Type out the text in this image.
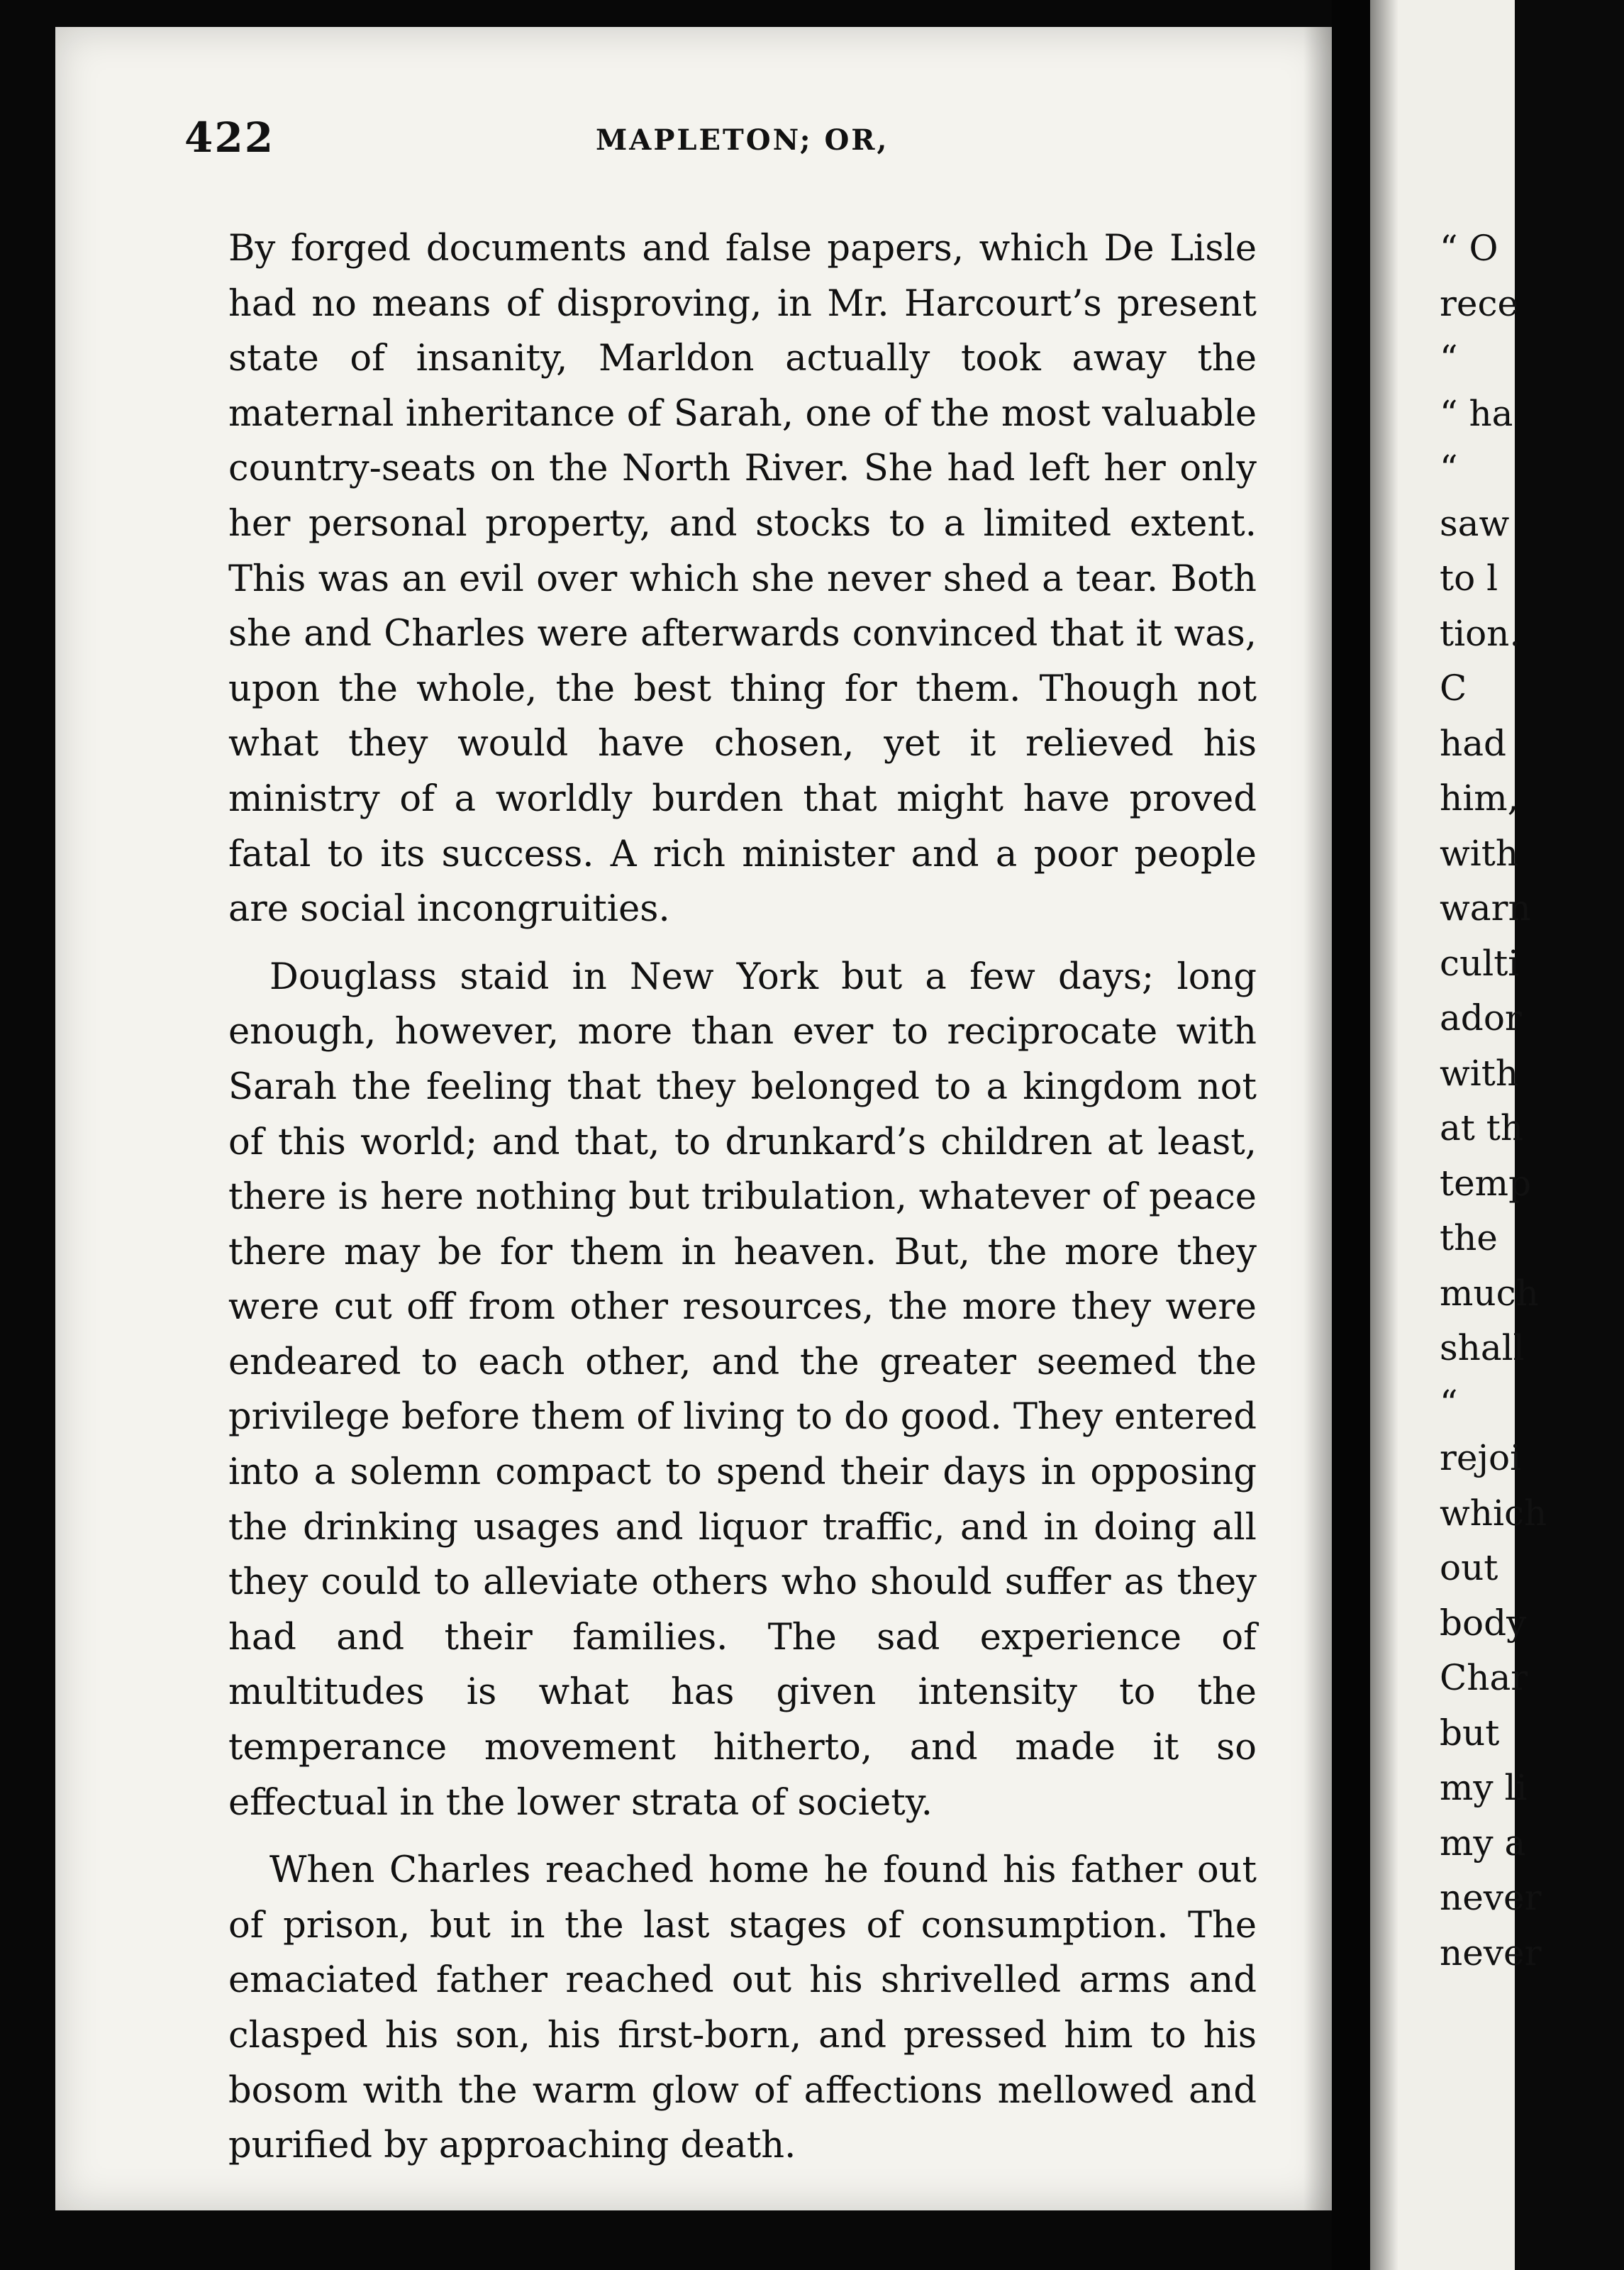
422	MAPLETON; OR,

By forged documents and false papers, which De Lisle had no means of disproving, in Mr. Harcourt’s present state of insanity, Marldon actually took away the maternal inheritance of Sarah, one of the most valuable country-seats on the North River. She had left her only her personal property, and stocks to a limited extent. This was an evil over which she never shed a tear. Both she and Charles were afterwards convinced that it was, upon the whole, the best thing for them. Though not what they would have chosen, yet it relieved his ministry of a worldly burden that might have proved fatal to its success. A rich minister and a poor people are social incongruities.

Douglass staid in New York but a few days; long enough, however, more than ever to reciprocate with Sarah the feeling that they belonged to a kingdom not of this world; and that, to drunkard’s children at least, there is here nothing but tribulation, whatever of peace there may be for them in heaven. But, the more they were cut off from other resources, the more they were endeared to each other, and the greater seemed the privilege before them of living to do good. They entered into a solemn compact to spend their days in opposing the drinking usages and liquor traffic, and in doing all they could to alleviate others who should suffer as they had and their families. The sad experience of multitudes is what has given intensity to the temperance movement hitherto, and made it so effectual in the lower strata of society.

When Charles reached home he found his father out of prison, but in the last stages of consumption. The emaciated father reached out his shrivelled arms and clasped his son, his first-born, and pressed him to his bosom with the warm glow of affections mellowed and purified by approaching death.

“ O
rece
“
“ ha
“
saw
to l
tion.
C
had
him,
with
warn
culti
ador
with
at th
temp
the
much
shall
“
rejoi
which
out
body
Char
but
my li
my a
never
never
